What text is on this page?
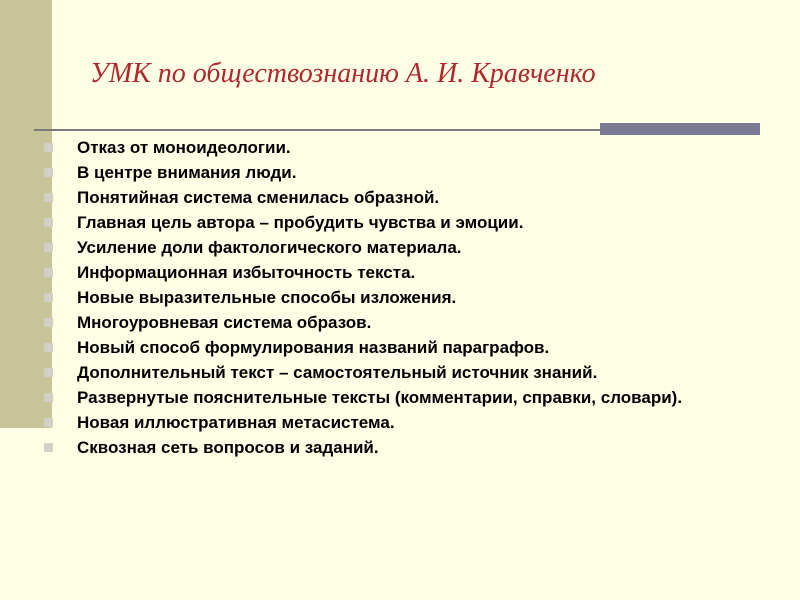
УМК по обществознанию А. И. Кравченко
Отказ от моноидеологии.
В центре внимания люди.
Понятийная система сменилась образной.
Главная цель автора – пробудить чувства и эмоции.
Усиление доли фактологического материала.
Информационная избыточность текста.
Новые выразительные способы изложения.
Многоуровневая система образов.
Новый способ формулирования названий параграфов.
Дополнительный текст – самостоятельный источник знаний.
Развернутые пояснительные тексты (комментарии, справки, словари).
Новая иллюстративная метасистема.
Сквозная сеть вопросов и заданий.
